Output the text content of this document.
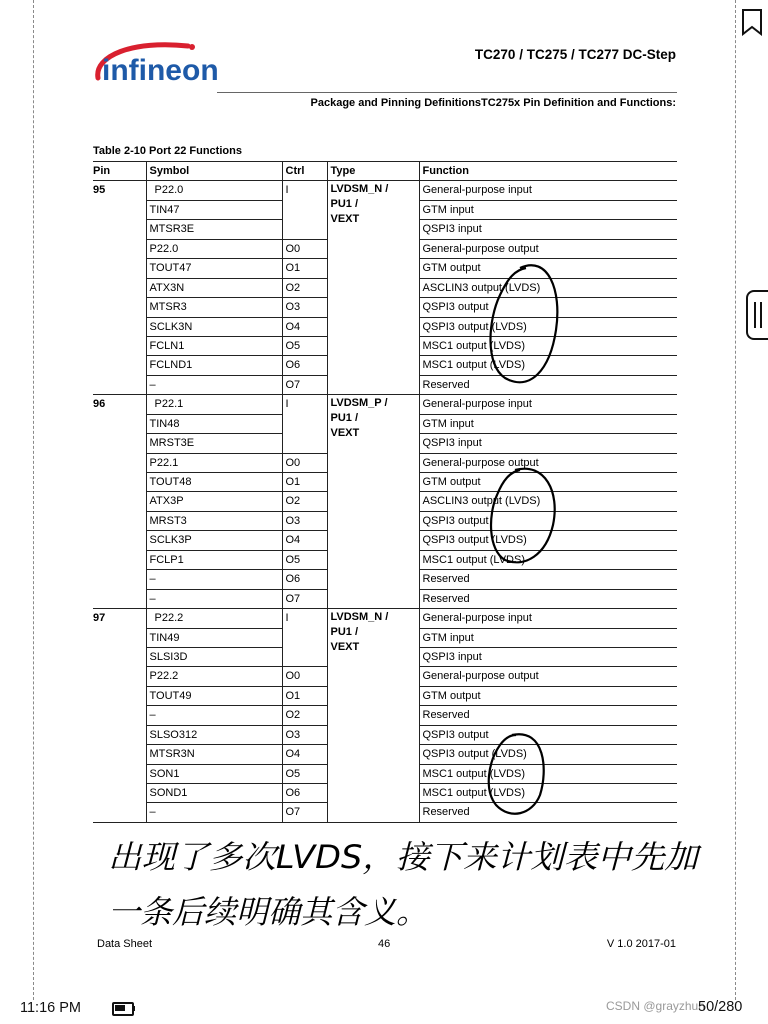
infineon	TC270 / TC275 / TC277 DC-Step
Package and Pinning DefinitionsTC275x Pin Definition and Functions:
Table 2-10 Port 22 Functions
Pin	Symbol	Ctrl	Type	Function
95	P22.0	I	LVDSM_N /
PU1 /
VEXT	General-purpose input
	TIN47			GTM input
	MTSR3E			QSPI3 input
	P22.0	O0		General-purpose output
	TOUT47	O1		GTM output
	ATX3N	O2		ASCLIN3 output (LVDS)
	MTSR3	O3		QSPI3 output
	SCLK3N	O4		QSPI3 output (LVDS)
	FCLN1	O5		MSC1 output (LVDS)
	FCLND1	O6		MSC1 output (LVDS)
	–	O7		Reserved
96	P22.1	I	LVDSM_P /
PU1 /
VEXT	General-purpose input
	TIN48			GTM input
	MRST3E			QSPI3 input
	P22.1	O0		General-purpose output
	TOUT48	O1		GTM output
	ATX3P	O2		ASCLIN3 output (LVDS)
	MRST3	O3		QSPI3 output
	SCLK3P	O4		QSPI3 output (LVDS)
	FCLP1	O5		MSC1 output (LVDS)
	–	O6		Reserved
	–	O7		Reserved
97	P22.2	I	LVDSM_N /
PU1 /
VEXT	General-purpose input
	TIN49			GTM input
	SLSI3D			QSPI3 input
	P22.2	O0		General-purpose output
	TOUT49	O1		GTM output
	–	O2		Reserved
	SLSO312	O3		QSPI3 output
	MTSR3N	O4		QSPI3 output (LVDS)
	SON1	O5		MSC1 output (LVDS)
	SOND1	O6		MSC1 output (LVDS)
	–	O7		Reserved
出现了多次LVDS，接下来计划表中先加
一条后续明确其含义。
Data Sheet	46	V 1.0 2017-01
11:16 PM	CSDN @grayzhun
50/280
